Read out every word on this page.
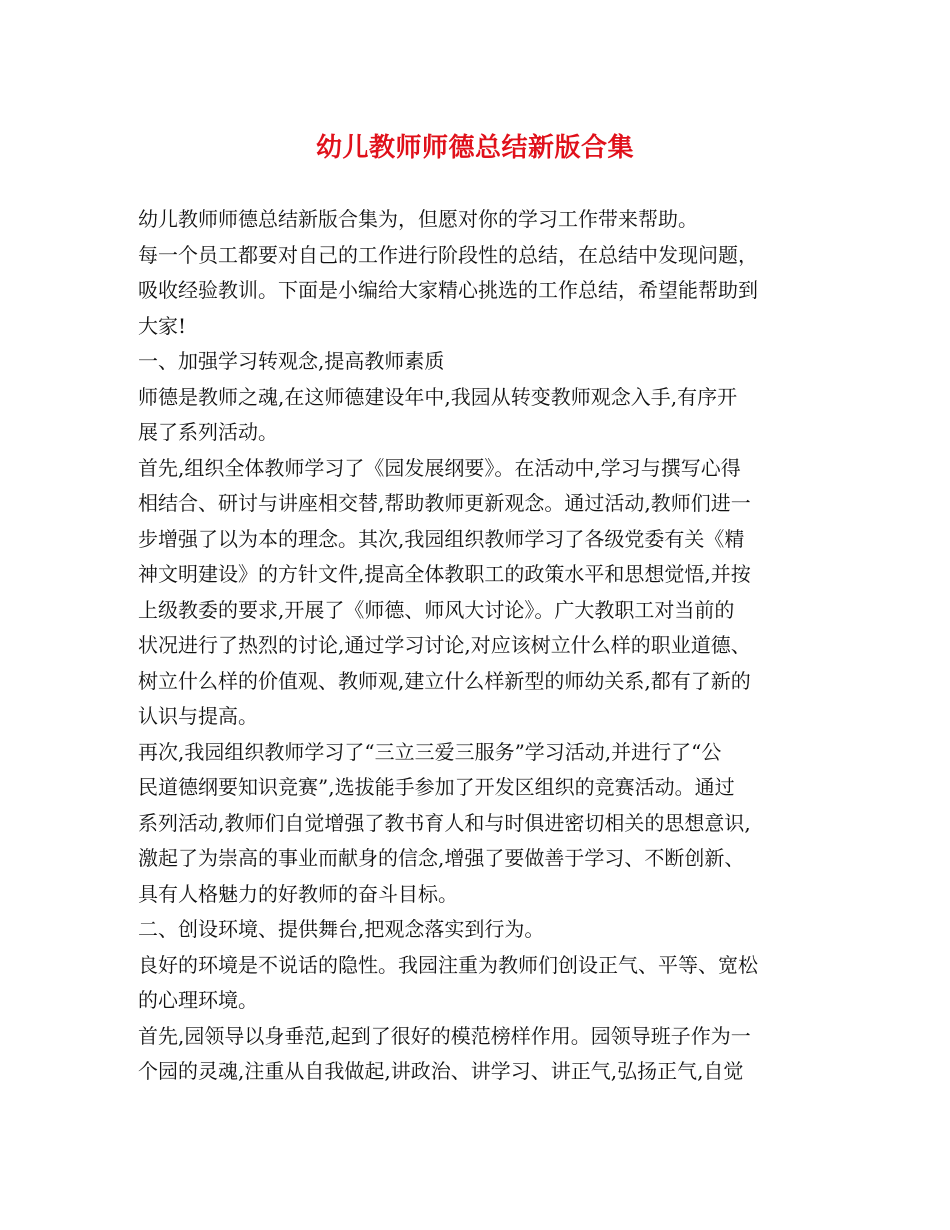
幼儿教师师德总结新版合集
幼儿教师师德总结新版合集为，但愿对你的学习工作带来帮助。
每一个员工都要对自己的工作进行阶段性的总结，在总结中发现问题，
吸收经验教训。下面是小编给大家精心挑选的工作总结，希望能帮助到
大家!
一、加强学习转观念,提高教师素质
师德是教师之魂,在这师德建设年中,我园从转变教师观念入手,有序开
展了系列活动。
首先,组织全体教师学习了《园发展纲要》。在活动中,学习与撰写心得
相结合、研讨与讲座相交替,帮助教师更新观念。通过活动,教师们进一
步增强了以为本的理念。其次,我园组织教师学习了各级党委有关《精
神文明建设》的方针文件,提高全体教职工的政策水平和思想觉悟,并按
上级教委的要求,开展了《师德、师风大讨论》。广大教职工对当前的
状况进行了热烈的讨论,通过学习讨论,对应该树立什么样的职业道德、
树立什么样的价值观、教师观,建立什么样新型的师幼关系,都有了新的
认识与提高。
再次,我园组织教师学习了“三立三爱三服务”学习活动,并进行了“公
民道德纲要知识竞赛”,选拔能手参加了开发区组织的竞赛活动。通过
系列活动,教师们自觉增强了教书育人和与时俱进密切相关的思想意识,
激起了为崇高的事业而献身的信念,增强了要做善于学习、不断创新、
具有人格魅力的好教师的奋斗目标。
二、创设环境、提供舞台,把观念落实到行为。
良好的环境是不说话的隐性。我园注重为教师们创设正气、平等、宽松
的心理环境。
首先,园领导以身垂范,起到了很好的模范榜样作用。园领导班子作为一
个园的灵魂,注重从自我做起,讲政治、讲学习、讲正气,弘扬正气,自觉
